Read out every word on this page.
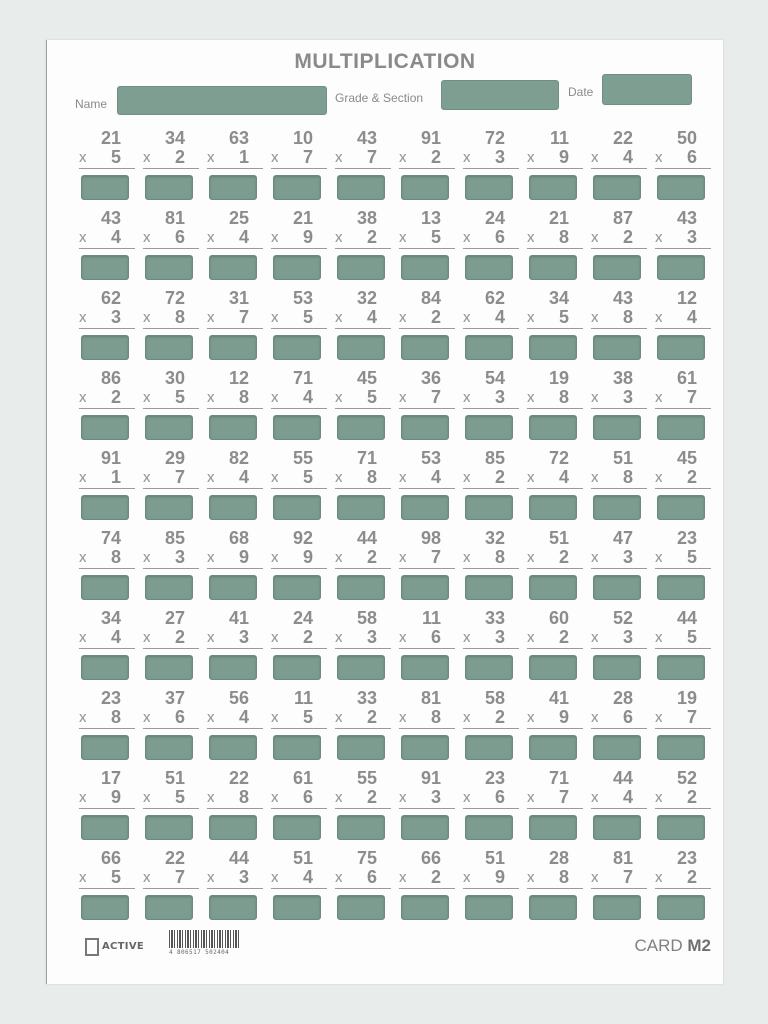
MULTIPLICATION
Name	Grade & Section	Date
21
x 5
34
x 2
63
x 1
10
x 7
43
x 7
91
x 2
72
x 3
11
x 9
22
x 4
50
x 6
43
x 4
81
x 6
25
x 4
21
x 9
38
x 2
13
x 5
24
x 6
21
x 8
87
x 2
43
x 3
62
x 3
72
x 8
31
x 7
53
x 5
32
x 4
84
x 2
62
x 4
34
x 5
43
x 8
12
x 4
86
x 2
30
x 5
12
x 8
71
x 4
45
x 5
36
x 7
54
x 3
19
x 8
38
x 3
61
x 7
91
x 1
29
x 7
82
x 4
55
x 5
71
x 8
53
x 4
85
x 2
72
x 4
51
x 8
45
x 2
74
x 8
85
x 3
68
x 9
92
x 9
44
x 2
98
x 7
32
x 8
51
x 2
47
x 3
23
x 5
34
x 4
27
x 2
41
x 3
24
x 2
58
x 3
11
x 6
33
x 3
60
x 2
52
x 3
44
x 5
23
x 8
37
x 6
56
x 4
11
x 5
33
x 2
81
x 8
58
x 2
41
x 9
28
x 6
19
x 7
17
x 9
51
x 5
22
x 8
61
x 6
55
x 2
91
x 3
23
x 6
71
x 7
44
x 4
52
x 2
66
x 5
22
x 7
44
x 3
51
x 4
75
x 6
66
x 2
51
x 9
28
x 8
81
x 7
23
x 2
ACTIVE
4 806517 502404	CARD M2
